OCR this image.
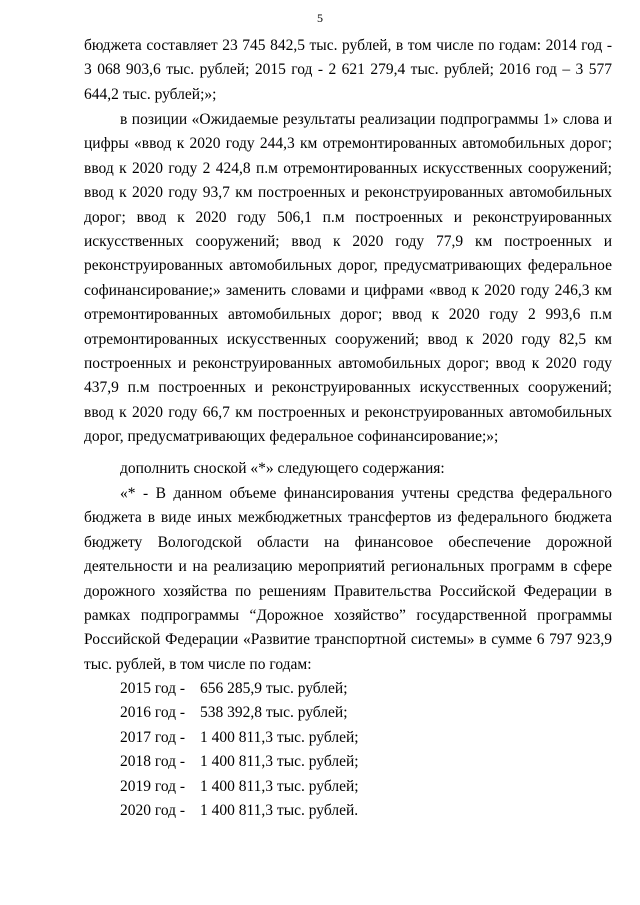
5

бюджета составляет 23 745 842,5 тыс. рублей, в том числе по годам: 2014 год - 3 068 903,6 тыс. рублей; 2015 год - 2 621 279,4 тыс. рублей; 2016 год – 3 577 644,2 тыс. рублей;»;

в позиции «Ожидаемые результаты реализации подпрограммы 1» слова и цифры «ввод к 2020 году 244,3 км отремонтированных автомобильных дорог; ввод к 2020 году 2 424,8 п.м отремонтированных искусственных сооружений; ввод к 2020 году 93,7 км построенных и реконструированных автомобильных дорог; ввод к 2020 году 506,1 п.м построенных и реконструированных искусственных сооружений; ввод к 2020 году 77,9 км построенных и реконструированных автомобильных дорог, предусматривающих федеральное софинансирование;» заменить словами и цифрами «ввод к 2020 году 246,3 км отремонтированных автомобильных дорог; ввод к 2020 году 2 993,6 п.м отремонтированных искусственных сооружений; ввод к 2020 году 82,5 км построенных и реконструированных автомобильных дорог; ввод к 2020 году 437,9 п.м построенных и реконструированных искусственных сооружений; ввод к 2020 году 66,7 км построенных и реконструированных автомобильных дорог, предусматривающих федеральное софинансирование;»;

дополнить сноской «*» следующего содержания:

«* - В данном объеме финансирования учтены средства федерального бюджета в виде иных межбюджетных трансфертов из федерального бюджета бюджету Вологодской области на финансовое обеспечение дорожной деятельности и на реализацию мероприятий региональных программ в сфере дорожного хозяйства по решениям Правительства Российской Федерации в рамках подпрограммы “Дорожное хозяйство” государственной программы Российской Федерации «Развитие транспортной системы» в сумме 6 797 923,9 тыс. рублей, в том числе по годам:

2015 год - 656 285,9 тыс. рублей;
2016 год - 538 392,8 тыс. рублей;
2017 год - 1 400 811,3 тыс. рублей;
2018 год - 1 400 811,3 тыс. рублей;
2019 год - 1 400 811,3 тыс. рублей;
2020 год - 1 400 811,3 тыс. рублей.
